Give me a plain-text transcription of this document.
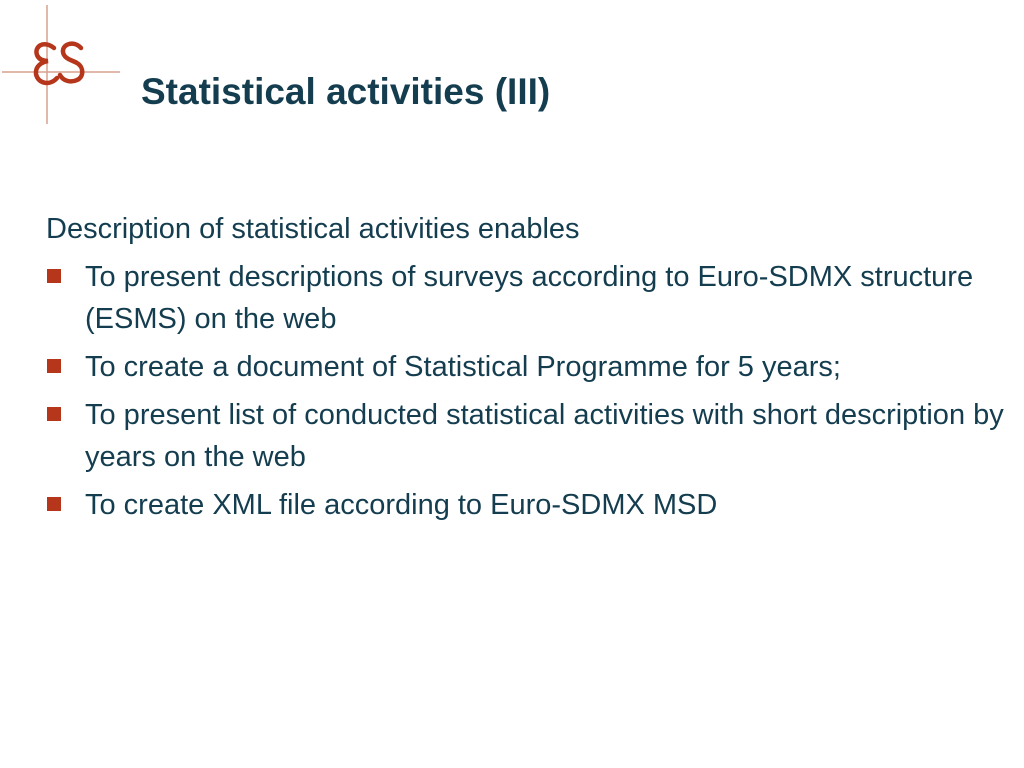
Statistical activities (III)

Description of statistical activities enables

To present descriptions of surveys according to Euro-SDMX structure (ESMS) on the web
To create a document of Statistical Programme for 5 years;
To present list of conducted statistical activities with short description by years on the web
To create XML file according to Euro-SDMX MSD
